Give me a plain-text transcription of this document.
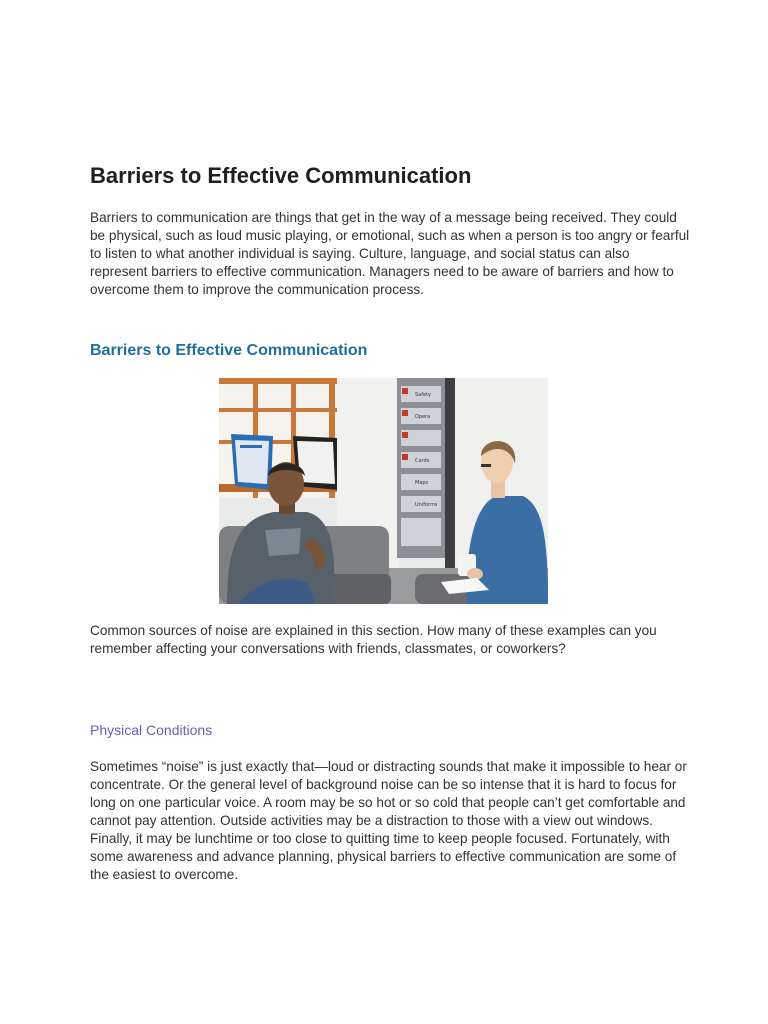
Barriers to Effective Communication

Barriers to communication are things that get in the way of a message being received. They could be physical, such as loud music playing, or emotional, such as when a person is too angry or fearful to listen to what another individual is saying. Culture, language, and social status can also represent barriers to effective communication. Managers need to be aware of barriers and how to overcome them to improve the communication process.

Barriers to Effective Communication
Safety
Opera
Cards
Maps
Uniforms

Common sources of noise are explained in this section. How many of these examples can you remember affecting your conversations with friends, classmates, or coworkers?

Physical Conditions

Sometimes “noise” is just exactly that—loud or distracting sounds that make it impossible to hear or concentrate. Or the general level of background noise can be so intense that it is hard to focus for long on one particular voice. A room may be so hot or so cold that people can’t get comfortable and cannot pay attention. Outside activities may be a distraction to those with a view out windows. Finally, it may be lunchtime or too close to quitting time to keep people focused. Fortunately, with some awareness and advance planning, physical barriers to effective communication are some of the easiest to overcome.
